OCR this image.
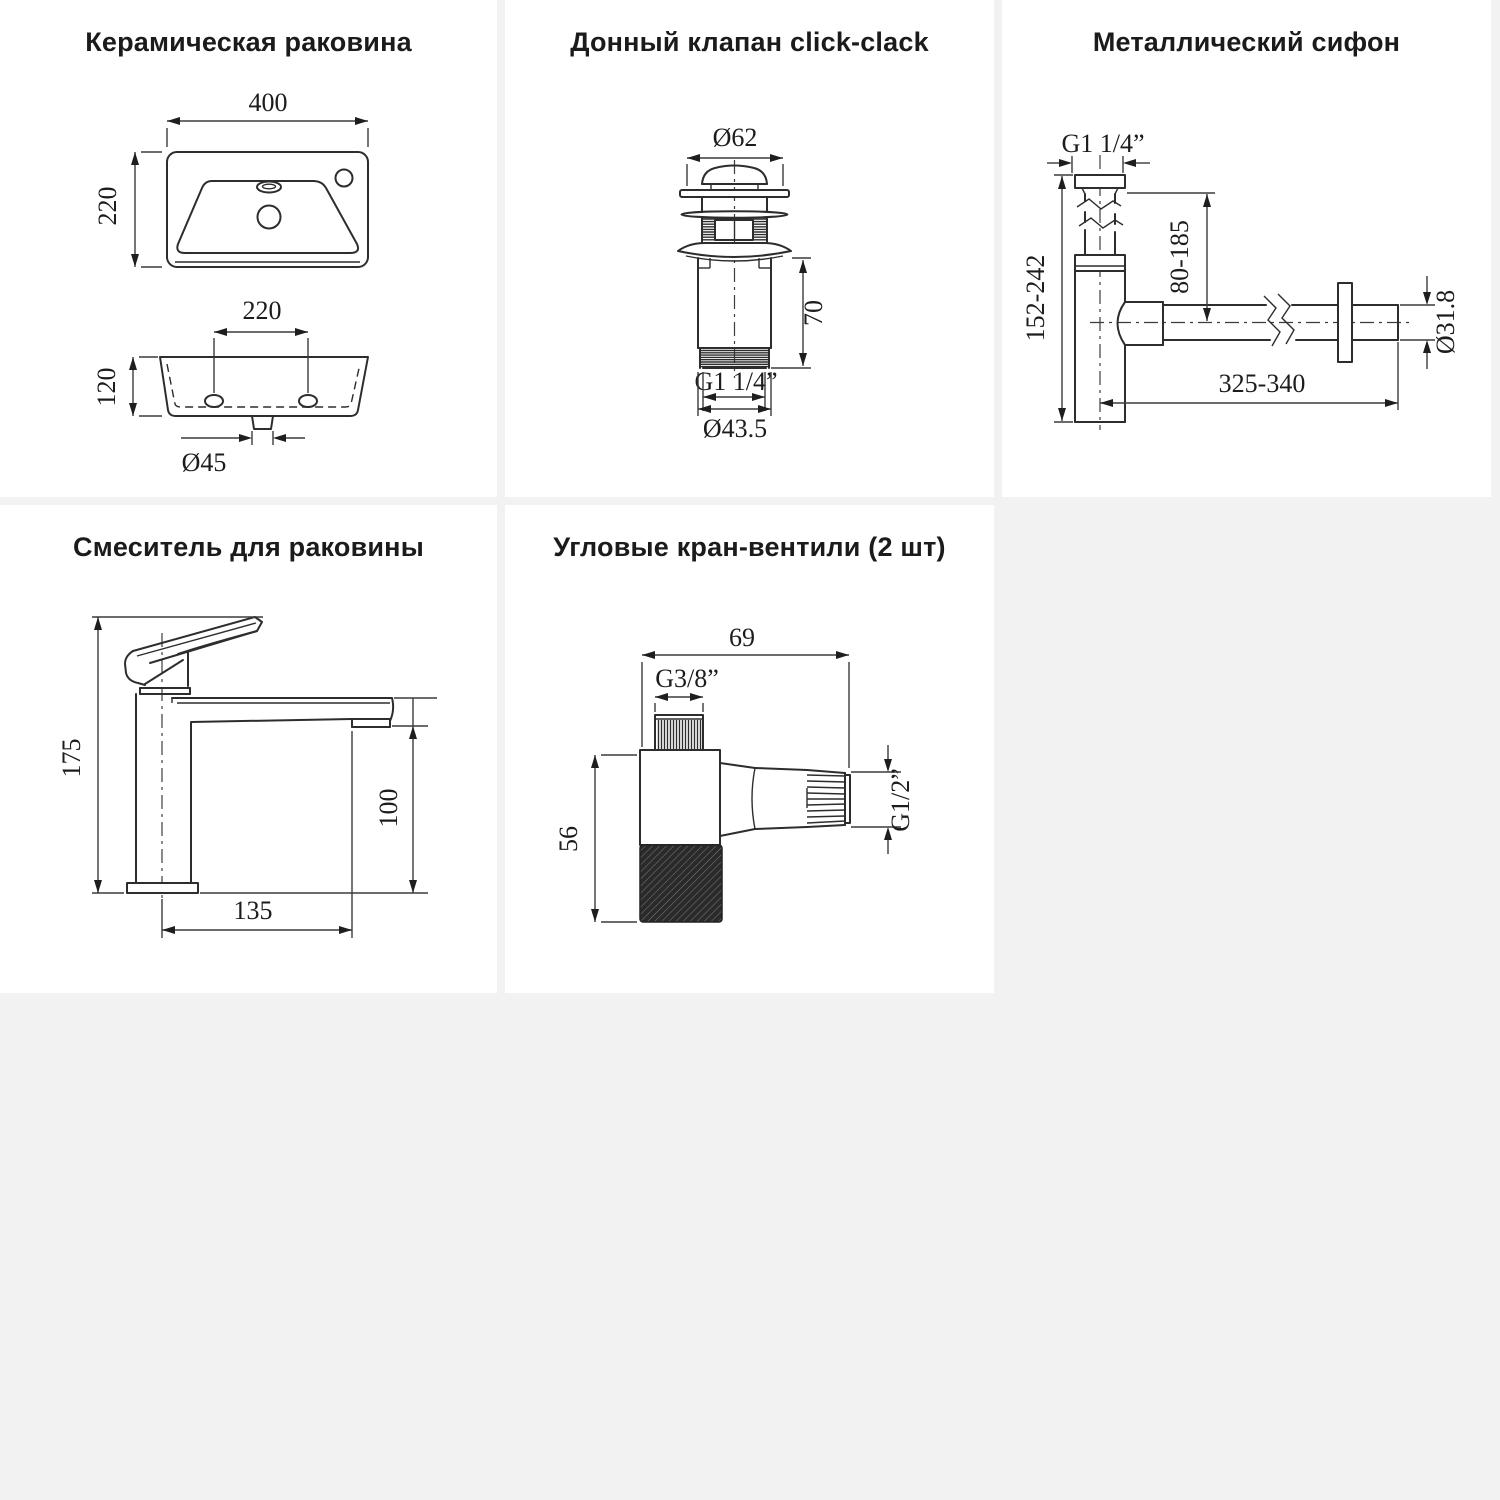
Керамическая раковина
400
220
220
120
Ø45
Донный клапан click-clack
Ø62
70
G1 1/4”
Ø43.5
Металлический сифон
G1 1/4”
152-242	80-185
Ø31.8
325-340
Смеситель для раковины
175
100
135
Угловые кран-вентили (2 шт)
69
G3/8”
56
G1/2”
